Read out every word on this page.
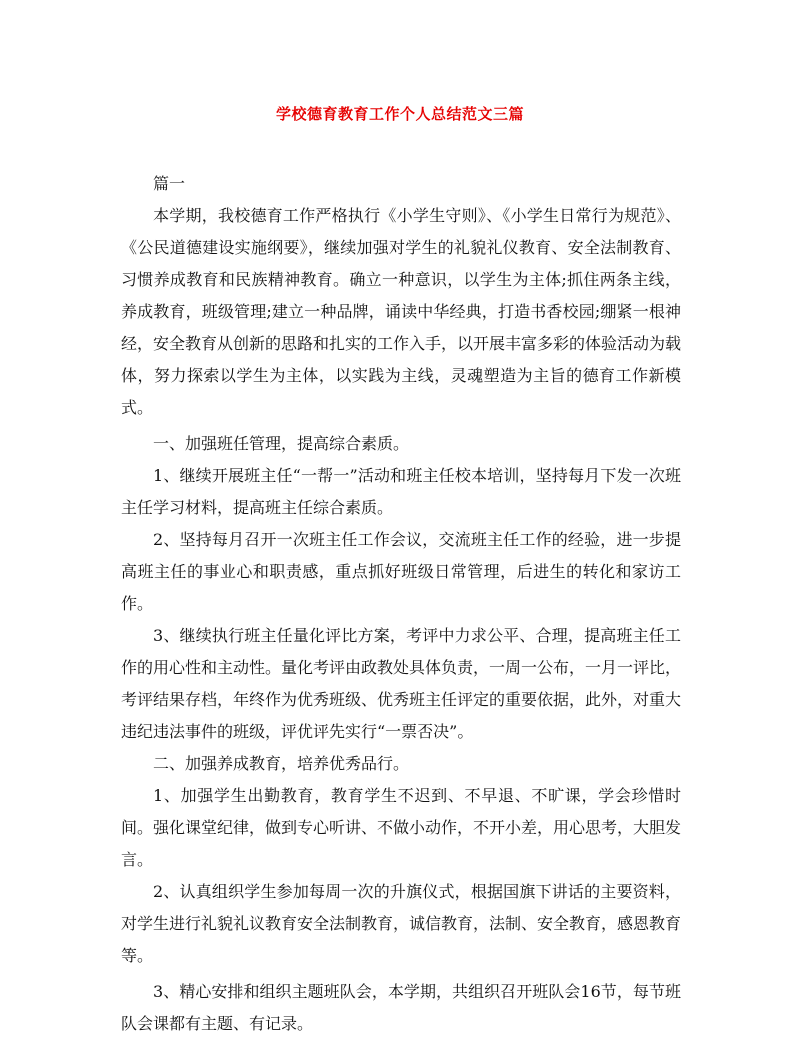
学校德育教育工作个人总结范文三篇

篇一

本学期，我校德育工作严格执行《小学生守则》、《小学生日常行为规范》、《公民道德建设实施纲要》，继续加强对学生的礼貌礼仪教育、安全法制教育、习惯养成教育和民族精神教育。确立一种意识，以学生为主体;抓住两条主线，养成教育，班级管理;建立一种品牌，诵读中华经典，打造书香校园;绷紧一根神经，安全教育从创新的思路和扎实的工作入手，以开展丰富多彩的体验活动为载体，努力探索以学生为主体，以实践为主线，灵魂塑造为主旨的德育工作新模式。

一、加强班任管理，提高综合素质。

1、继续开展班主任“一帮一”活动和班主任校本培训，坚持每月下发一次班主任学习材料，提高班主任综合素质。

2、坚持每月召开一次班主任工作会议，交流班主任工作的经验，进一步提高班主任的事业心和职责感，重点抓好班级日常管理，后进生的转化和家访工作。

3、继续执行班主任量化评比方案，考评中力求公平、合理，提高班主任工作的用心性和主动性。量化考评由政教处具体负责，一周一公布，一月一评比，考评结果存档，年终作为优秀班级、优秀班主任评定的重要依据，此外，对重大违纪违法事件的班级，评优评先实行“一票否决”。

二、加强养成教育，培养优秀品行。

1、加强学生出勤教育，教育学生不迟到、不早退、不旷课，学会珍惜时间。强化课堂纪律，做到专心听讲、不做小动作，不开小差，用心思考，大胆发言。

2、认真组织学生参加每周一次的升旗仪式，根据国旗下讲话的主要资料，对学生进行礼貌礼议教育安全法制教育，诚信教育，法制、安全教育，感恩教育等。

3、精心安排和组织主题班队会，本学期，共组织召开班队会16节，每节班队会课都有主题、有记录。
